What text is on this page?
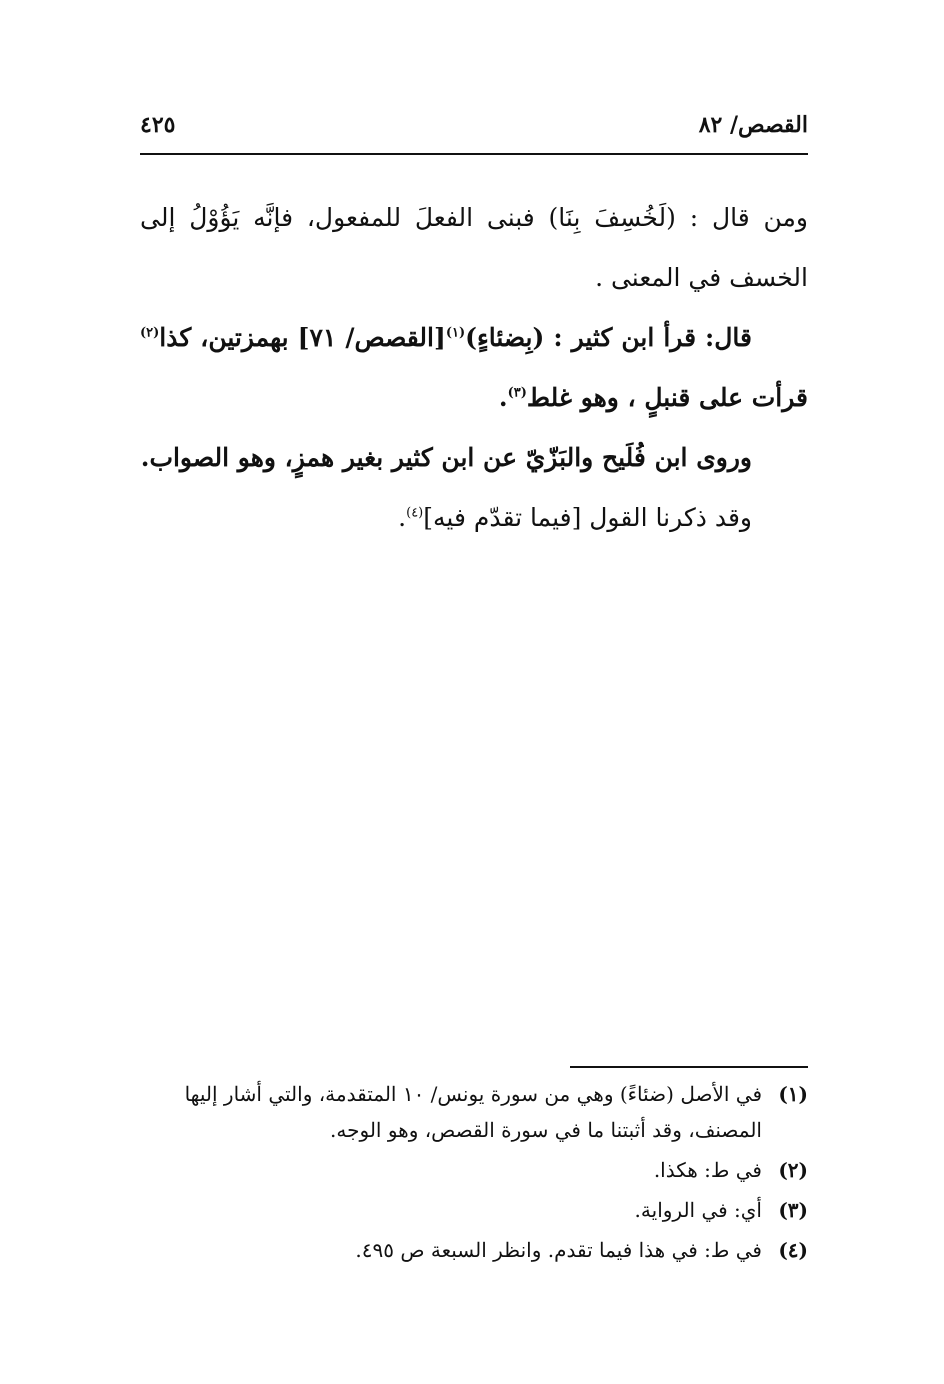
القصص/ ٨٢
٤٢٥

ومن قال : (لَخُسِفَ بِنَا) فبنى الفعلَ للمفعول، فإنَّه يَؤُوْلُ إلى الخسف في المعنى .

قال: قرأ ابن كثير : (بِضئاءٍ)$^{(١)}$[القصص/ ٧١] بهمزتين، كذا$^{(٢)}$ قرأت على قنبلٍ ، وهو غلط$^{(٣)}$.

وروى ابن فُلَيح والبَزّيّ عن ابن كثير بغير همزٍ، وهو الصواب.

وقد ذكرنا القول [فيما تقدّم فيه]$^{(٤)}$.

(١)
في الأصل (ضئاءً) وهي من سورة يونس/ ١٠ المتقدمة، والتي أشار إليها المصنف، وقد أثبتنا ما في سورة القصص، وهو الوجه.

(٢)
في ط: هكذا.

(٣)
أي: في الرواية.

(٤)
في ط: في هذا فيما تقدم. وانظر السبعة ص ٤٩٥.
